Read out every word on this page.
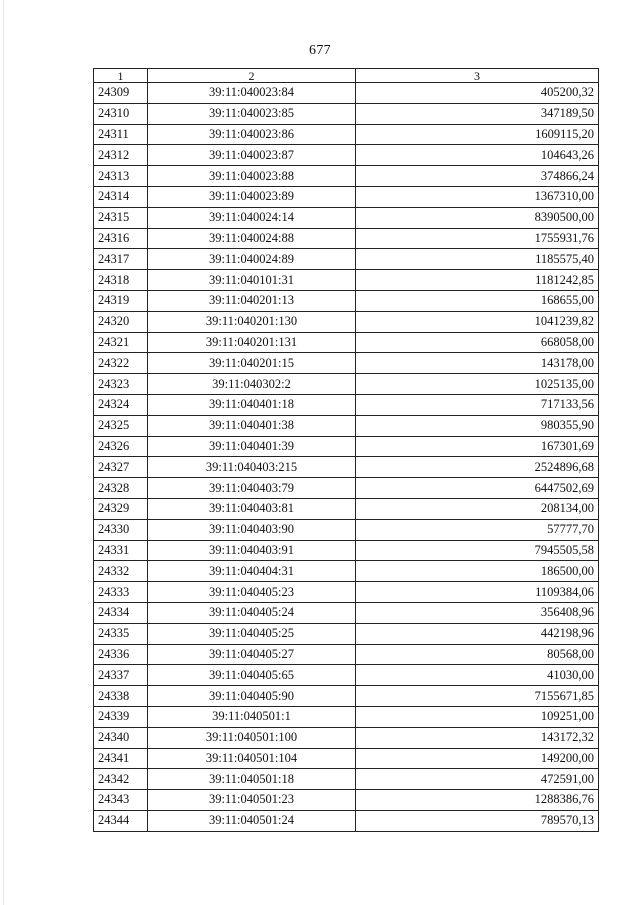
677
1	2	3
24309	39:11:040023:84	405200,32
24310	39:11:040023:85	347189,50
24311	39:11:040023:86	1609115,20
24312	39:11:040023:87	104643,26
24313	39:11:040023:88	374866,24
24314	39:11:040023:89	1367310,00
24315	39:11:040024:14	8390500,00
24316	39:11:040024:88	1755931,76
24317	39:11:040024:89	1185575,40
24318	39:11:040101:31	1181242,85
24319	39:11:040201:13	168655,00
24320	39:11:040201:130	1041239,82
24321	39:11:040201:131	668058,00
24322	39:11:040201:15	143178,00
24323	39:11:040302:2	1025135,00
24324	39:11:040401:18	717133,56
24325	39:11:040401:38	980355,90
24326	39:11:040401:39	167301,69
24327	39:11:040403:215	2524896,68
24328	39:11:040403:79	6447502,69
24329	39:11:040403:81	208134,00
24330	39:11:040403:90	57777,70
24331	39:11:040403:91	7945505,58
24332	39:11:040404:31	186500,00
24333	39:11:040405:23	1109384,06
24334	39:11:040405:24	356408,96
24335	39:11:040405:25	442198,96
24336	39:11:040405:27	80568,00
24337	39:11:040405:65	41030,00
24338	39:11:040405:90	7155671,85
24339	39:11:040501:1	109251,00
24340	39:11:040501:100	143172,32
24341	39:11:040501:104	149200,00
24342	39:11:040501:18	472591,00
24343	39:11:040501:23	1288386,76
24344	39:11:040501:24	789570,13
